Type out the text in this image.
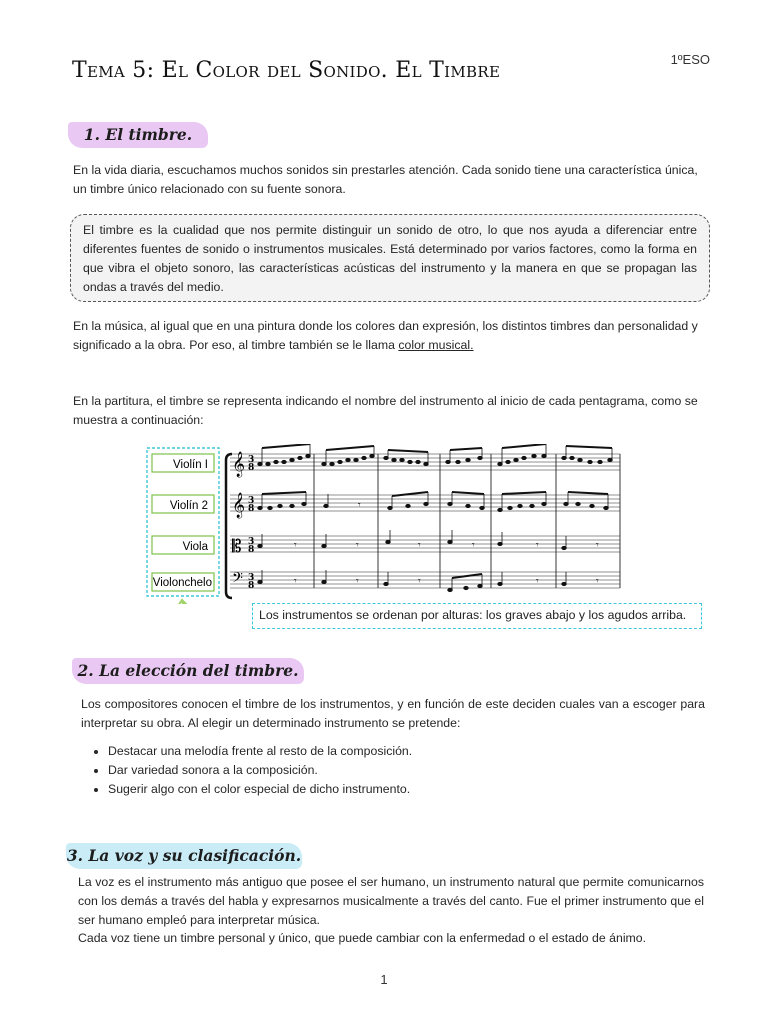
1ºESO
Tema 5: El Color del Sonido. El Timbre
1. El timbre.
En la vida diaria, escuchamos muchos sonidos sin prestarles atención. Cada sonido tiene una característica única, un timbre único relacionado con su fuente sonora.
El timbre es la cualidad que nos permite distinguir un sonido de otro, lo que nos ayuda a diferenciar entre diferentes fuentes de sonido o instrumentos musicales. Está determinado por varios factores, como la forma en que vibra el objeto sonoro, las características acústicas del instrumento y la manera en que se propagan las ondas a través del medio.
En la música, al igual que en una pintura donde los colores dan expresión, los distintos timbres dan personalidad y significado a la obra. Por eso, al timbre también se le llama color musical.
En la partitura, el timbre se representa indicando el nombre del instrumento al inicio de cada pentagrama, como se muestra a continuación:
Violín I
Violín 2
Viola
Violonchelo
𝄞
𝄞
𝄡
𝄢
3
8
3
8
3
8
3
8
𝄾
𝄾	𝄾	𝄾	𝄾	𝄾	𝄾
𝄾	𝄾	𝄾	𝄾	𝄾
Los instrumentos se ordenan por alturas: los graves abajo y los agudos arriba.
2. La elección del timbre.
Los compositores conocen el timbre de los instrumentos, y en función de este deciden cuales van a escoger para interpretar su obra. Al elegir un determinado instrumento se pretende:
• Destacar una melodía frente al resto de la composición.
• Dar variedad sonora a la composición.
• Sugerir algo con el color especial de dicho instrumento.
3. La voz y su clasificación.
La voz es el instrumento más antiguo que posee el ser humano, un instrumento natural que permite comunicarnos con los demás a través del habla y expresarnos musicalmente a través del canto. Fue el primer instrumento que el ser humano empleó para interpretar música.
Cada voz tiene un timbre personal y único, que puede cambiar con la enfermedad o el estado de ánimo.
1
